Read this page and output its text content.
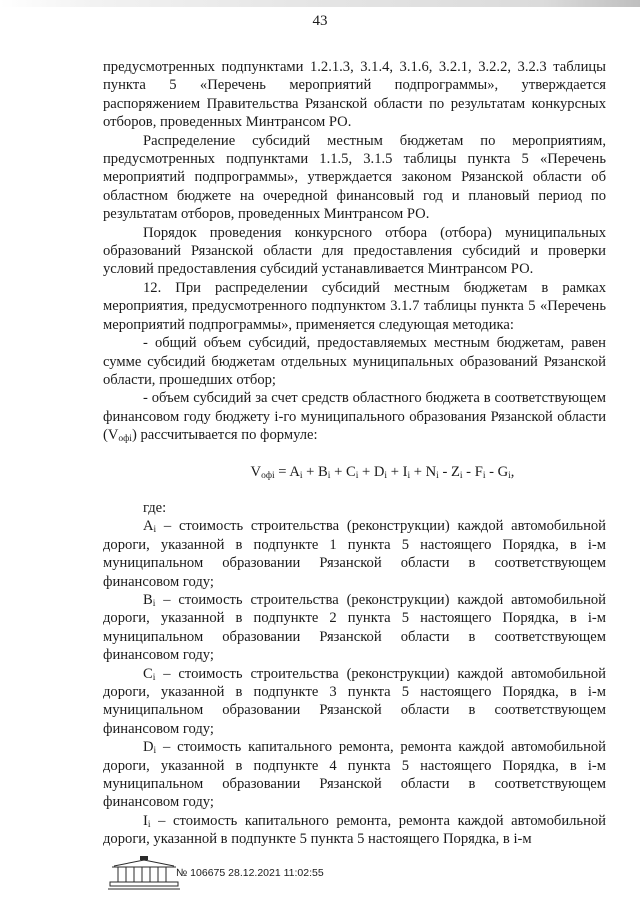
43

предусмотренных подпунктами 1.2.1.3, 3.1.4, 3.1.6, 3.2.1, 3.2.2, 3.2.3 таблицы пункта 5 «Перечень мероприятий подпрограммы», утверждается распоряжением Правительства Рязанской области по результатам конкурсных отборов, проведенных Минтрансом РО.

Распределение субсидий местным бюджетам по мероприятиям, предусмотренных подпунктами 1.1.5, 3.1.5 таблицы пункта 5 «Перечень мероприятий подпрограммы», утверждается законом Рязанской области об областном бюджете на очередной финансовый год и плановый период по результатам отборов, проведенных Минтрансом РО.

Порядок проведения конкурсного отбора (отбора) муниципальных образований Рязанской области для предоставления субсидий и проверки условий предоставления субсидий устанавливается Минтрансом РО.

12. При распределении субсидий местным бюджетам в рамках мероприятия, предусмотренного подпунктом 3.1.7 таблицы пункта 5 «Перечень мероприятий подпрограммы», применяется следующая методика:

- общий объем субсидий, предоставляемых местным бюджетам, равен сумме субсидий бюджетам отдельных муниципальных образований Рязанской области, прошедших отбор;

- объем субсидий за счет средств областного бюджета в соответствующем финансовом году бюджету i-го муниципального образования Рязанской области $(V_{офi})$ рассчитывается по формуле:

$V_{офi} = A_i + B_i + C_i + D_i + I_i + N_i - Z_i - F_i - G_i$,

где:

$A_i$ – стоимость строительства (реконструкции) каждой автомобильной дороги, указанной в подпункте 1 пункта 5 настоящего Порядка, в i-м муниципальном образовании Рязанской области в соответствующем финансовом году;

$B_i$ – стоимость строительства (реконструкции) каждой автомобильной дороги, указанной в подпункте 2 пункта 5 настоящего Порядка, в i-м муниципальном образовании Рязанской области в соответствующем финансовом году;

$C_i$ – стоимость строительства (реконструкции) каждой автомобильной дороги, указанной в подпункте 3 пункта 5 настоящего Порядка, в i-м муниципальном образовании Рязанской области в соответствующем финансовом году;

$D_i$ – стоимость капитального ремонта, ремонта каждой автомобильной дороги, указанной в подпункте 4 пункта 5 настоящего Порядка, в i-м муниципальном образовании Рязанской области в соответствующем финансовом году;

$I_i$ – стоимость капитального ремонта, ремонта каждой автомобильной дороги, указанной в подпункте 5 пункта 5 настоящего Порядка, в i-м

№ 106675 28.12.2021 11:02:55
